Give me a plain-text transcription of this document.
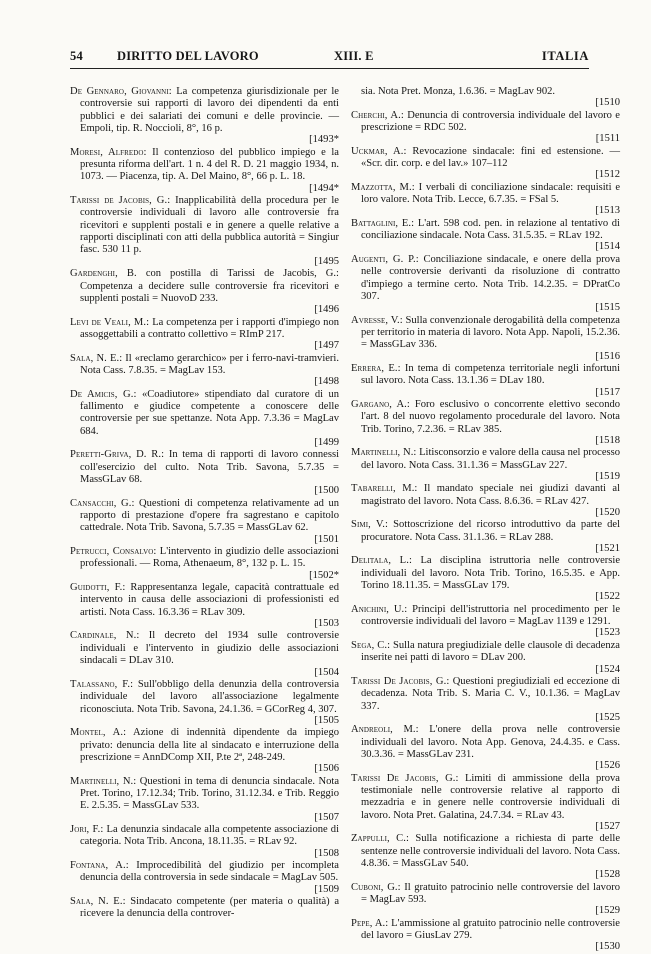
54	DIRITTO DEL LAVORO	XIII. E	ITALIA

De Gennaro, Giovanni: La competenza giurisdizionale per le controversie sui rapporti di lavoro dei dipendenti da enti pubblici e dei salariati dei comuni e delle provincie. — Empoli, tip. R. Noccioli, 8°, 16 p.
[1493*

Moresi, Alfredo: Il contenzioso del pubblico impiego e la presunta riforma dell'art. 1 n. 4 del R. D. 21 maggio 1934, n. 1073. — Piacenza, tip. A. Del Maino, 8°, 66 p. L. 18.
[1494*

Tarissi de Jacobis, G.: Inapplicabilità della procedura per le controversie individuali di lavoro alle controversie fra ricevitori e supplenti postali e in genere a quelle relative a rapporti disciplinati con atti della pubblica autorità = Singiur fasc. 530 11 p.
[1495

Gardenghi, B. con postilla di Tarissi de Jacobis, G.: Competenza a decidere sulle controversie fra ricevitori e supplenti postali = NuovoD 233.
[1496

Levi de Veali, M.: La competenza per i rapporti d'impiego non assoggettabili a contratto collettivo = RImP 217.
[1497

Sala, N. E.: Il «reclamo gerarchico» per i ferro-navi-tramvieri. Nota Cass. 7.8.35. = MagLav 153.
[1498

De Amicis, G.: «Coadiutore» stipendiato dal curatore di un fallimento e giudice competente a conoscere delle controversie per sue spettanze. Nota App. 7.3.36 = MagLav 684.
[1499

Peretti-Griva, D. R.: In tema di rapporti di lavoro connessi coll'esercizio del culto. Nota Trib. Savona, 5.7.35 = MassGLav 68.
[1500

Cansacchi, G.: Questioni di competenza relativamente ad un rapporto di prestazione d'opere fra sagrestano e capitolo cattedrale. Nota Trib. Savona, 5.7.35 = MassGLav 62.
[1501

Petrucci, Consalvo: L'intervento in giudizio delle associazioni professionali. — Roma, Athenaeum, 8°, 132 p. L. 15.
[1502*

Guidotti, F.: Rappresentanza legale, capacità contrattuale ed intervento in causa delle associazioni di professionisti ed artisti. Nota Cass. 16.3.36 = RLav 309.
[1503

Cardinale, N.: Il decreto del 1934 sulle controversie individuali e l'intervento in giudizio delle associazioni sindacali = DLav 310.
[1504

Talassano, F.: Sull'obbligo della denunzia della controversia individuale del lavoro all'associazione legalmente riconosciuta. Nota Trib. Savona, 24.1.36. = GCorReg 4, 307.
[1505

Montel, A.: Azione di indennità dipendente da impiego privato: denuncia della lite al sindacato e interruzione della prescrizione = AnnDComp XII, P.te 2ª, 248-249.
[1506

Martinelli, N.: Questioni in tema di denuncia sindacale. Nota Pret. Torino, 17.12.34; Trib. Torino, 31.12.34. e Trib. Reggio E. 2.5.35. = MassGLav 533.
[1507

Jori, F.: La denunzia sindacale alla competente associazione di categoria. Nota Trib. Ancona, 18.11.35. = RLav 92.
[1508

Fontana, A.: Improcedibilità del giudizio per incompleta denuncia della controversia in sede sindacale = MagLav 505.
[1509

Sala, N. E.: Sindacato competente (per materia o qualità) a ricevere la denuncia della controver-

sia. Nota Pret. Monza, 1.6.36. = MagLav 902.
[1510

Cherchi, A.: Denuncia di controversia individuale del lavoro e prescrizione = RDC 502.
[1511

Uckmar, A.: Revocazione sindacale: fini ed estensione. — «Scr. dir. corp. e del lav.» 107–112
[1512

Mazzotta, M.: I verbali di conciliazione sindacale: requisiti e loro valore. Nota Trib. Lecce, 6.7.35. = FSal 5.
[1513

Battaglini, E.: L'art. 598 cod. pen. in relazione al tentativo di conciliazione sindacale. Nota Cass. 31.5.35. = RLav 192.
[1514

Augenti, G. P.: Conciliazione sindacale, e onere della prova nelle controversie derivanti da risoluzione di contratto d'impiego a termine certo. Nota Trib. 14.2.35. = DPratCo 307.
[1515

Avresse, V.: Sulla convenzionale derogabilità della competenza per territorio in materia di lavoro. Nota App. Napoli, 15.2.36. = MassGLav 336.
[1516

Errera, E.: In tema di competenza territoriale negli infortuni sul lavoro. Nota Cass. 13.1.36 = DLav 180.
[1517

Gargano, A.: Foro esclusivo o concorrente elettivo secondo l'art. 8 del nuovo regolamento procedurale del lavoro. Nota Trib. Torino, 7.2.36. = RLav 385.
[1518

Martinelli, N.: Litisconsorzio e valore della causa nel processo del lavoro. Nota Cass. 31.1.36 = MassGLav 227.
[1519

Tabarelli, M.: Il mandato speciale nei giudizi davanti al magistrato del lavoro. Nota Cass. 8.6.36. = RLav 427.
[1520

Simi, V.: Sottoscrizione del ricorso introduttivo da parte del procuratore. Nota Cass. 31.1.36. = RLav 288.
[1521

Delitala, L.: La disciplina istruttoria nelle controversie individuali del lavoro. Nota Trib. Torino, 16.5.35. e App. Torino 18.11.35. = MassGLav 179.
[1522

Anichini, U.: Principi dell'istruttoria nel procedimento per le controversie individuali del lavoro = MagLav 1139 e 1291.
[1523

Sega, C.: Sulla natura pregiudiziale delle clausole di decadenza inserite nei patti di lavoro = DLav 200.
[1524

Tarissi De Jacobis, G.: Questioni pregiudiziali ed eccezione di decadenza. Nota Trib. S. Maria C. V., 10.1.36. = MagLav 337.
[1525

Andreoli, M.: L'onere della prova nelle controversie individuali del lavoro. Nota App. Genova, 24.4.35. e Cass. 30.3.36. = MassGLav 231.
[1526

Tarissi De Jacobis, G.: Limiti di ammissione della prova testimoniale nelle controversie relative al rapporto di mezzadria e in genere nelle controversie individuali di lavoro. Nota Pret. Galatina, 24.7.34. = RLav 43.
[1527

Zappulli, C.: Sulla notificazione a richiesta di parte delle sentenze nelle controversie individuali del lavoro. Nota Cass. 4.8.36. = MassGLav 540.
[1528

Cuboni, G.: Il gratuito patrocinio nelle controversie del lavoro = MagLav 593.
[1529

Pepe, A.: L'ammissione al gratuito patrocinio nelle controversie del lavoro = GiusLav 279.
[1530
